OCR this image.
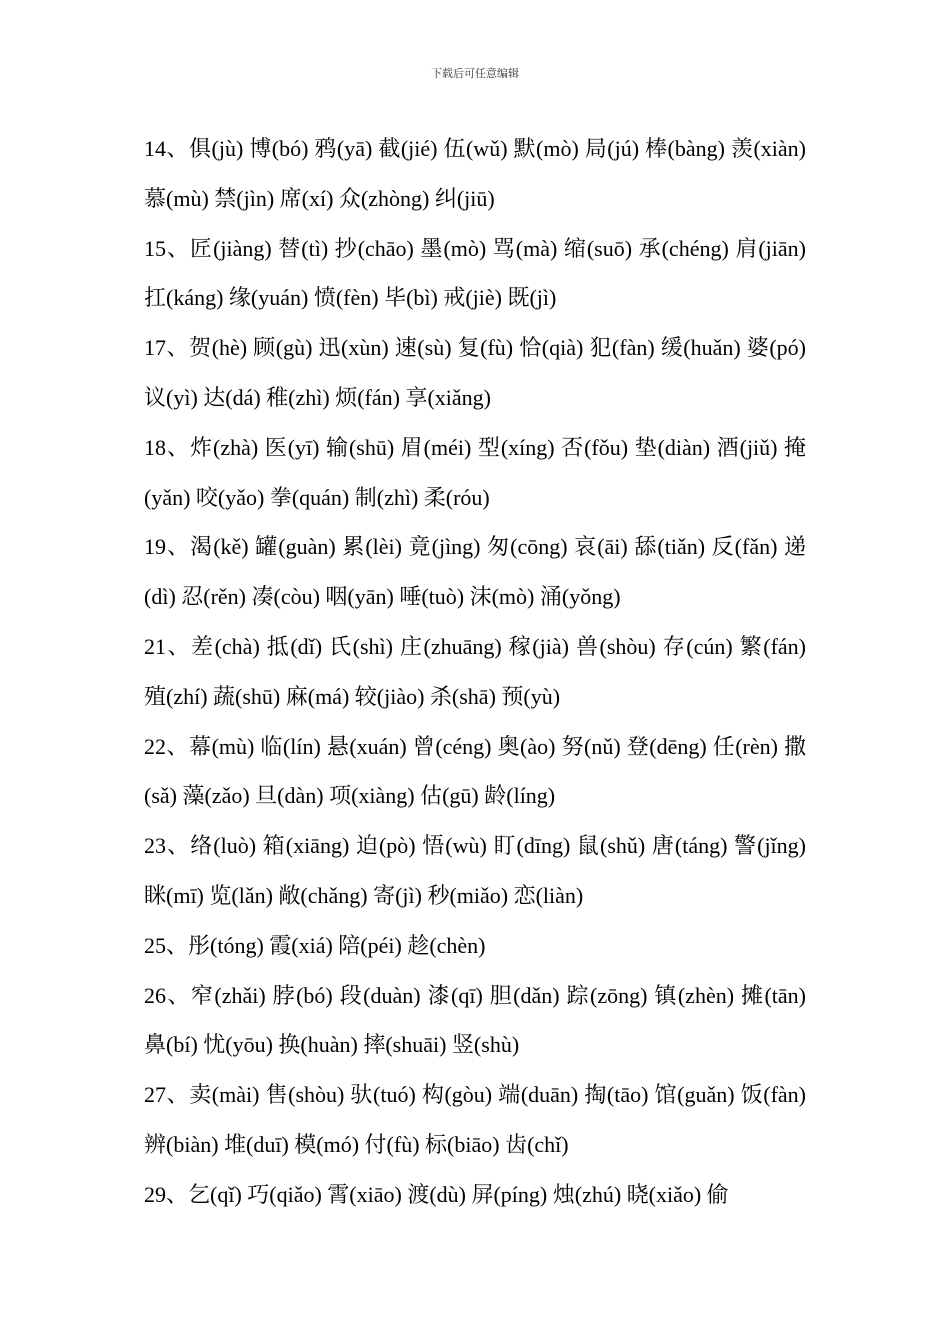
下载后可任意编辑

14、俱(jù) 博(bó) 鸦(yā) 截(jié) 伍(wǔ) 默(mò) 局(jú) 棒(bàng) 羡(xiàn) 慕(mù) 禁(jìn) 席(xí) 众(zhòng) 纠(jiū)

15、匠(jiàng) 替(tì) 抄(chāo) 墨(mò) 骂(mà) 缩(suō) 承(chéng) 肩(jiān) 扛(káng) 缘(yuán) 愤(fèn) 毕(bì) 戒(jiè) 既(jì)

17、贺(hè) 顾(gù) 迅(xùn) 速(sù) 复(fù) 恰(qià) 犯(fàn) 缓(huǎn) 婆(pó) 议(yì) 达(dá) 稚(zhì) 烦(fán) 享(xiǎng)

18、炸(zhà) 医(yī) 输(shū) 眉(méi) 型(xíng) 否(fǒu) 垫(diàn) 酒(jiǔ) 掩(yǎn) 咬(yǎo) 拳(quán) 制(zhì) 柔(róu)

19、渴(kě) 罐(guàn) 累(lèi) 竟(jìng) 匆(cōng) 哀(āi) 舔(tiǎn) 反(fǎn) 递(dì) 忍(rěn) 凑(còu) 咽(yān) 唾(tuò) 沫(mò) 涌(yǒng)

21、差(chà) 抵(dǐ) 氏(shì) 庄(zhuāng) 稼(jià) 兽(shòu) 存(cún) 繁(fán) 殖(zhí) 蔬(shū) 麻(má) 较(jiào) 杀(shā) 预(yù)

22、幕(mù) 临(lín) 悬(xuán) 曾(céng) 奥(ào) 努(nǔ) 登(dēng) 任(rèn) 撒(sǎ) 藻(zǎo) 旦(dàn) 项(xiàng) 估(gū) 龄(líng)

23、络(luò) 箱(xiāng) 迫(pò) 悟(wù) 盯(dīng) 鼠(shǔ) 唐(táng) 警(jǐng) 眯(mī) 览(lǎn) 敞(chǎng) 寄(jì) 秒(miǎo) 恋(liàn)

25、彤(tóng) 霞(xiá) 陪(péi) 趁(chèn)

26、窄(zhǎi) 脖(bó) 段(duàn) 漆(qī) 胆(dǎn) 踪(zōng) 镇(zhèn) 摊(tān) 鼻(bí) 忧(yōu) 换(huàn) 摔(shuāi) 竖(shù)

27、卖(mài) 售(shòu) 驮(tuó) 构(gòu) 端(duān) 掏(tāo) 馆(guǎn) 饭(fàn) 辨(biàn) 堆(duī) 模(mó) 付(fù) 标(biāo) 齿(chǐ)

29、乞(qǐ) 巧(qiǎo) 霄(xiāo) 渡(dù) 屏(píng) 烛(zhú) 晓(xiǎo) 偷
